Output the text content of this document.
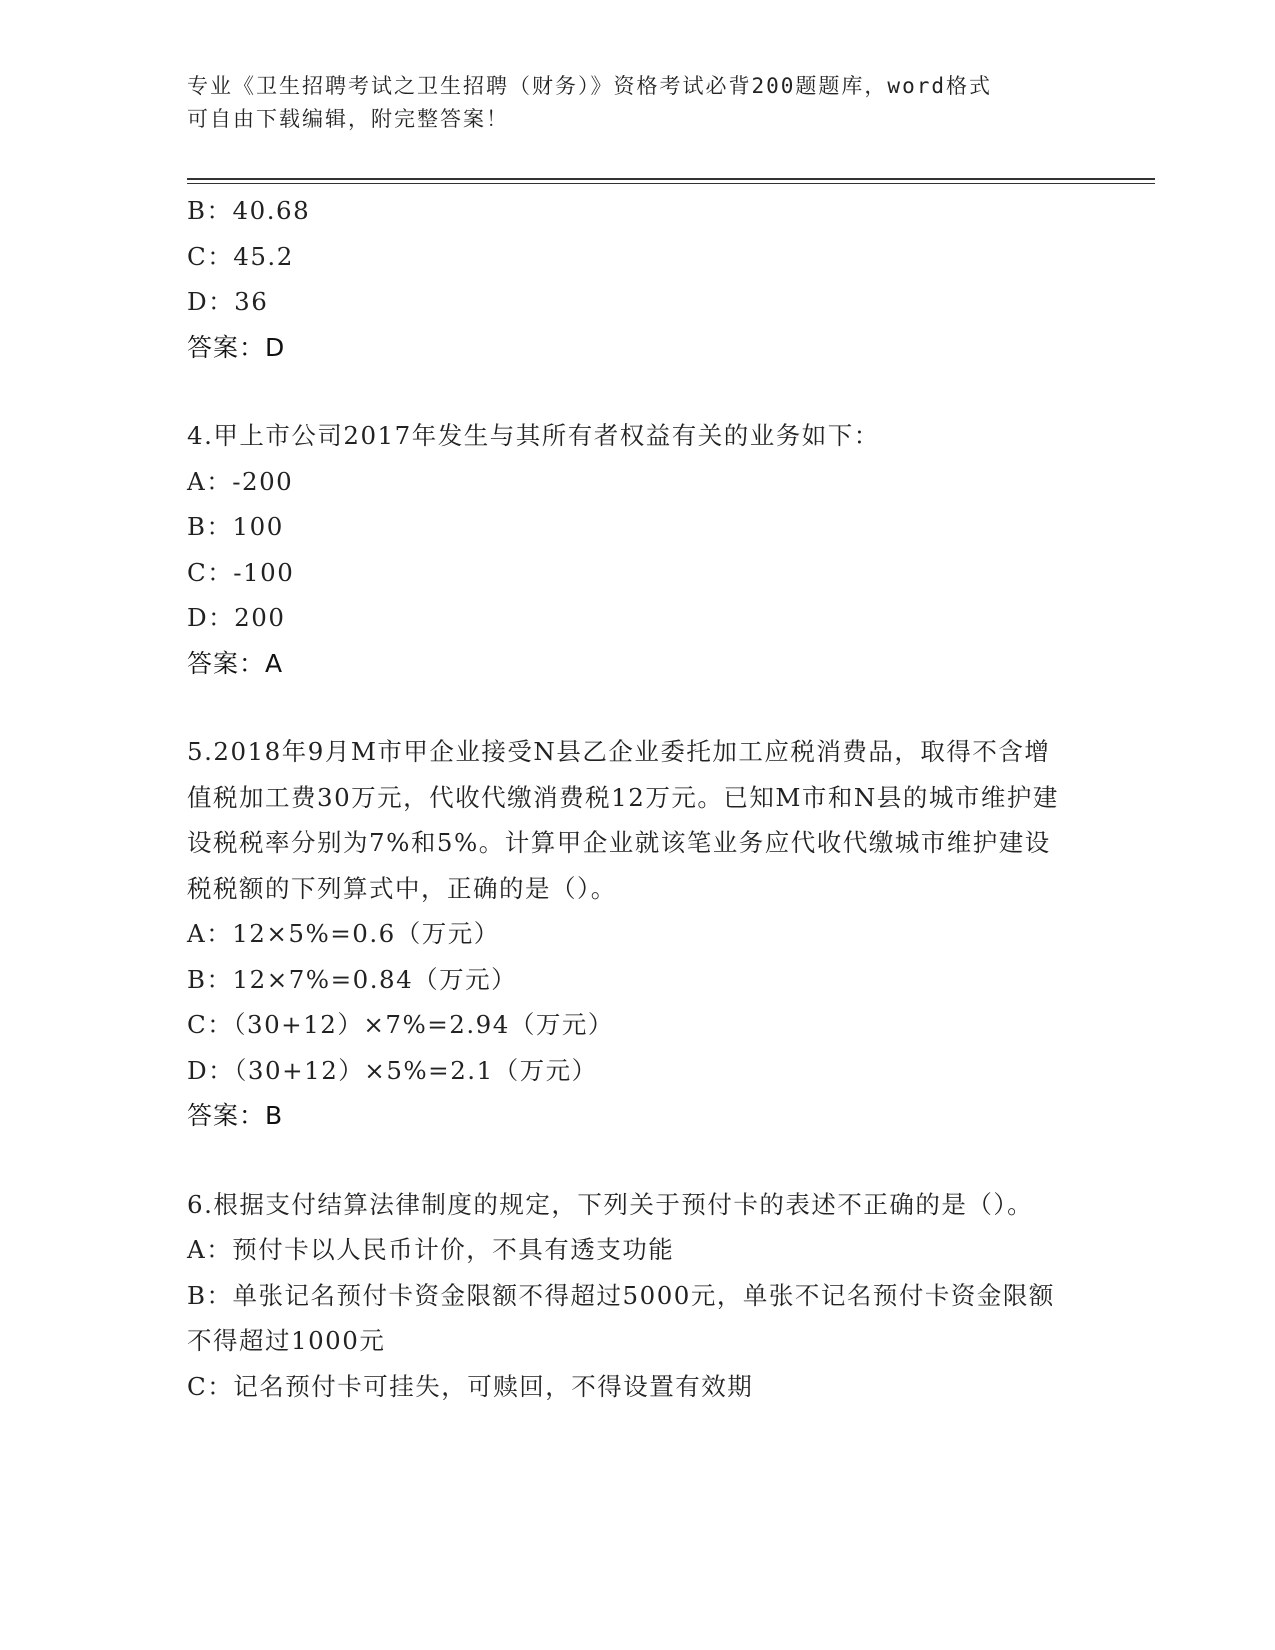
专业《卫生招聘考试之卫生招聘（财务）》资格考试必背200题题库，word格式
可自由下载编辑，附完整答案！
B：40.68
C：45.2
D：36
答案：D
4.甲上市公司2017年发生与其所有者权益有关的业务如下：
A：-200
B：100
C：-100
D：200
答案：A
5.2018年9月M市甲企业接受N县乙企业委托加工应税消费品，取得不含增值税加工费30万元，代收代缴消费税12万元。已知M市和N县的城市维护建设税税率分别为7%和5%。计算甲企业就该笔业务应代收代缴城市维护建设税税额的下列算式中，正确的是（）。
A：12×5%=0.6（万元）
B：12×7%=0.84（万元）
C：（30+12）×7%=2.94（万元）
D：（30+12）×5%=2.1（万元）
答案：B
6.根据支付结算法律制度的规定，下列关于预付卡的表述不正确的是（）。
A：预付卡以人民币计价，不具有透支功能
B：单张记名预付卡资金限额不得超过5000元，单张不记名预付卡资金限额不得超过1000元
C：记名预付卡可挂失，可赎回，不得设置有效期
